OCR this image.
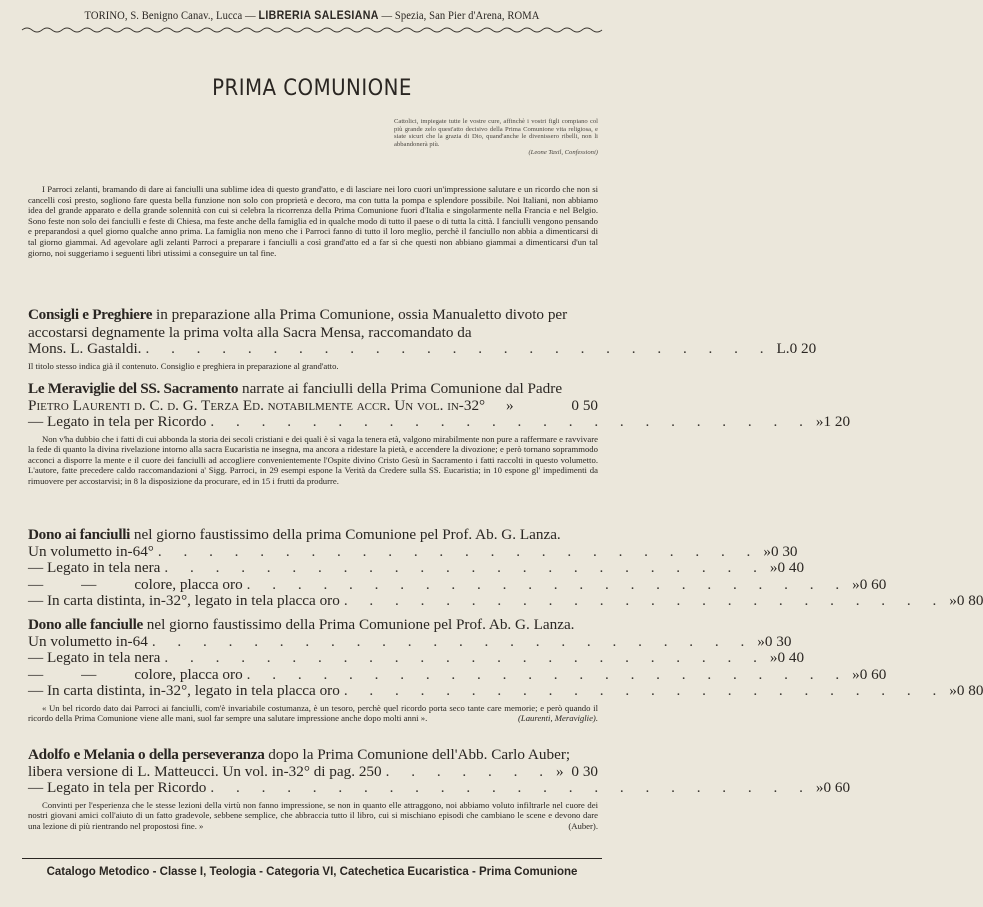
TORINO, S. Benigno Canav., Lucca — LIBRERIA SALESIANA — Spezia, San Pier d'Arena, ROMA
PRIMA COMUNIONE
Cattolici, impiegate tutte le vostre cure, affinchè i vostri figli compiano col più grande zelo quest'atto decisivo della Prima Comunione vita religiosa, e siate sicuri che la grazia di Dio, quand'anche le divenissero ribelli, non li abbandonerà più.
(Leone Taxil, Confessioni)
I Parroci zelanti, bramando di dare ai fanciulli una sublime idea di questo grand'atto, e di lasciare nei loro cuori un'impressione salutare e un ricordo che non si cancelli così presto, sogliono fare questa bella funzione non solo con proprietà e decoro, ma con tutta la pompa e splendore possibile. Noi Italiani, non abbiamo idea del grande apparato e della grande solennità con cui si celebra la ricorrenza della Prima Comunione fuori d'Italia e singolarmente nella Francia e nel Belgio. Sono feste non solo dei fanciulli e feste di Chiesa, ma feste anche della famiglia ed in qualche modo di tutto il paese o di tutta la città. I fanciulli vengono pensando e preparandosi a quel giorno qualche anno prima. La famiglia non meno che i Parroci fanno di tutto il loro meglio, perchè il fanciullo non abbia a dimenticarsi di tal giorno giammai. Ad agevolare agli zelanti Parroci a preparare i fanciulli a così grand'atto ed a far sì che questi non abbiano giammai a dimenticarsi d'un tal giorno, noi suggeriamo i seguenti libri utissimi a conseguire un tal fine.
Consigli e Preghiere in preparazione alla Prima Comunione, ossia Manualetto divoto per accostarsi degnamente la prima volta alla Sacra Mensa, raccomandato da
Mons. L. Gastaldi. . . . . . . . . . . . . . . . . . . . . . . . . . L. 0 20
Il titolo stesso indica già il contenuto. Consiglio e preghiera in preparazione al grand'atto.
Le Meraviglie del SS. Sacramento narrate ai fanciulli della Prima Comunione dal Padre
Pietro Laurenti d. C. d. G. Terza Ed. notabilmente accr. Un vol. in-32° »	0 50
— Legato in tela per Ricordo . . . . . . . . . . . . . . . . . . . . . . . . » 1 20
Non v'ha dubbio che i fatti di cui abbonda la storia dei secoli cristiani e dei quali è sì vaga la tenera età, valgono mirabilmente non pure a raffermare e ravvivare la fede di quanto la divina rivelazione intorno alla sacra Eucaristia ne insegna, ma ancora a ridestare la pietà, e accendere la divozione; e però tornano soprammodo acconci a disporre la mente e il cuore dei fanciulli ad accogliere convenientemente l'Ospite divino Cristo Gesù in Sacramento i fatti raccolti in questo volumetto. L'autore, fatte precedere caldo raccomandazioni a' Sigg. Parroci, in 29 esempi espone la Verità da Credere sulla SS. Eucaristia; in 10 espone gl' impedimenti da rimuovere per accostarvisi; in 8 la disposizione da procurare, ed in 15 i frutti da produrre.
Dono ai fanciulli nel giorno faustissimo della prima Comunione pel Prof. Ab. G. Lanza.
Un volumetto in-64° . . . . . . . . . . . . . . . . . . . . . . . . » 0 30
— Legato in tela nera . . . . . . . . . . . . . . . . . . . . . . . . » 0 40
—          —          colore, placca oro . . . . . . . . . . . . . . . . . . . . . . . . » 0 60
— In carta distinta, in-32°, legato in tela placca oro . . . . . . . . . . . . . . . . . . . . . . . . » 0 80
Dono alle fanciulle nel giorno faustissimo della Prima Comunione pel Prof. Ab. G. Lanza.
Un volumetto in-64 . . . . . . . . . . . . . . . . . . . . . . . . » 0 30
— Legato in tela nera . . . . . . . . . . . . . . . . . . . . . . . . » 0 40
—          —          colore, placca oro . . . . . . . . . . . . . . . . . . . . . . . . » 0 60
— In carta distinta, in-32°, legato in tela placca oro . . . . . . . . . . . . . . . . . . . . . . . . » 0 80
« Un bel ricordo dato dai Parroci ai fanciulli, com'è invariabile costumanza, è un tesoro, perchè quel ricordo porta seco tante care memorie; e però quando il ricordo della Prima Comunione viene alle mani, suol far sempre una salutare impressione anche dopo molti anni ».	(Laurenti, Meraviglie).
Adolfo e Melania o della perseveranza dopo la Prima Comunione dell'Abb. Carlo Auber;
libera versione di L. Matteucci. Un vol. in-32° di pag. 250 . . . . . . . » 0 30
— Legato in tela per Ricordo . . . . . . . . . . . . . . . . . . . . . . . . » 0 60
Convinti per l'esperienza che le stesse lezioni della virtù non fanno impressione, se non in quanto elle attraggono, noi abbiamo voluto infiltrarle nel cuore dei nostri giovani amici coll'aiuto di un fatto gradevole, sebbene semplice, che abbraccia tutto il libro, cui si mischiano episodi che cambiano le scene e devono dare una lezione di più rientrando nel propostosi fine. »	(Auber).
Catalogo Metodico - Classe I, Teologia - Categoria VI, Catechetica Eucaristica - Prima Comunione
